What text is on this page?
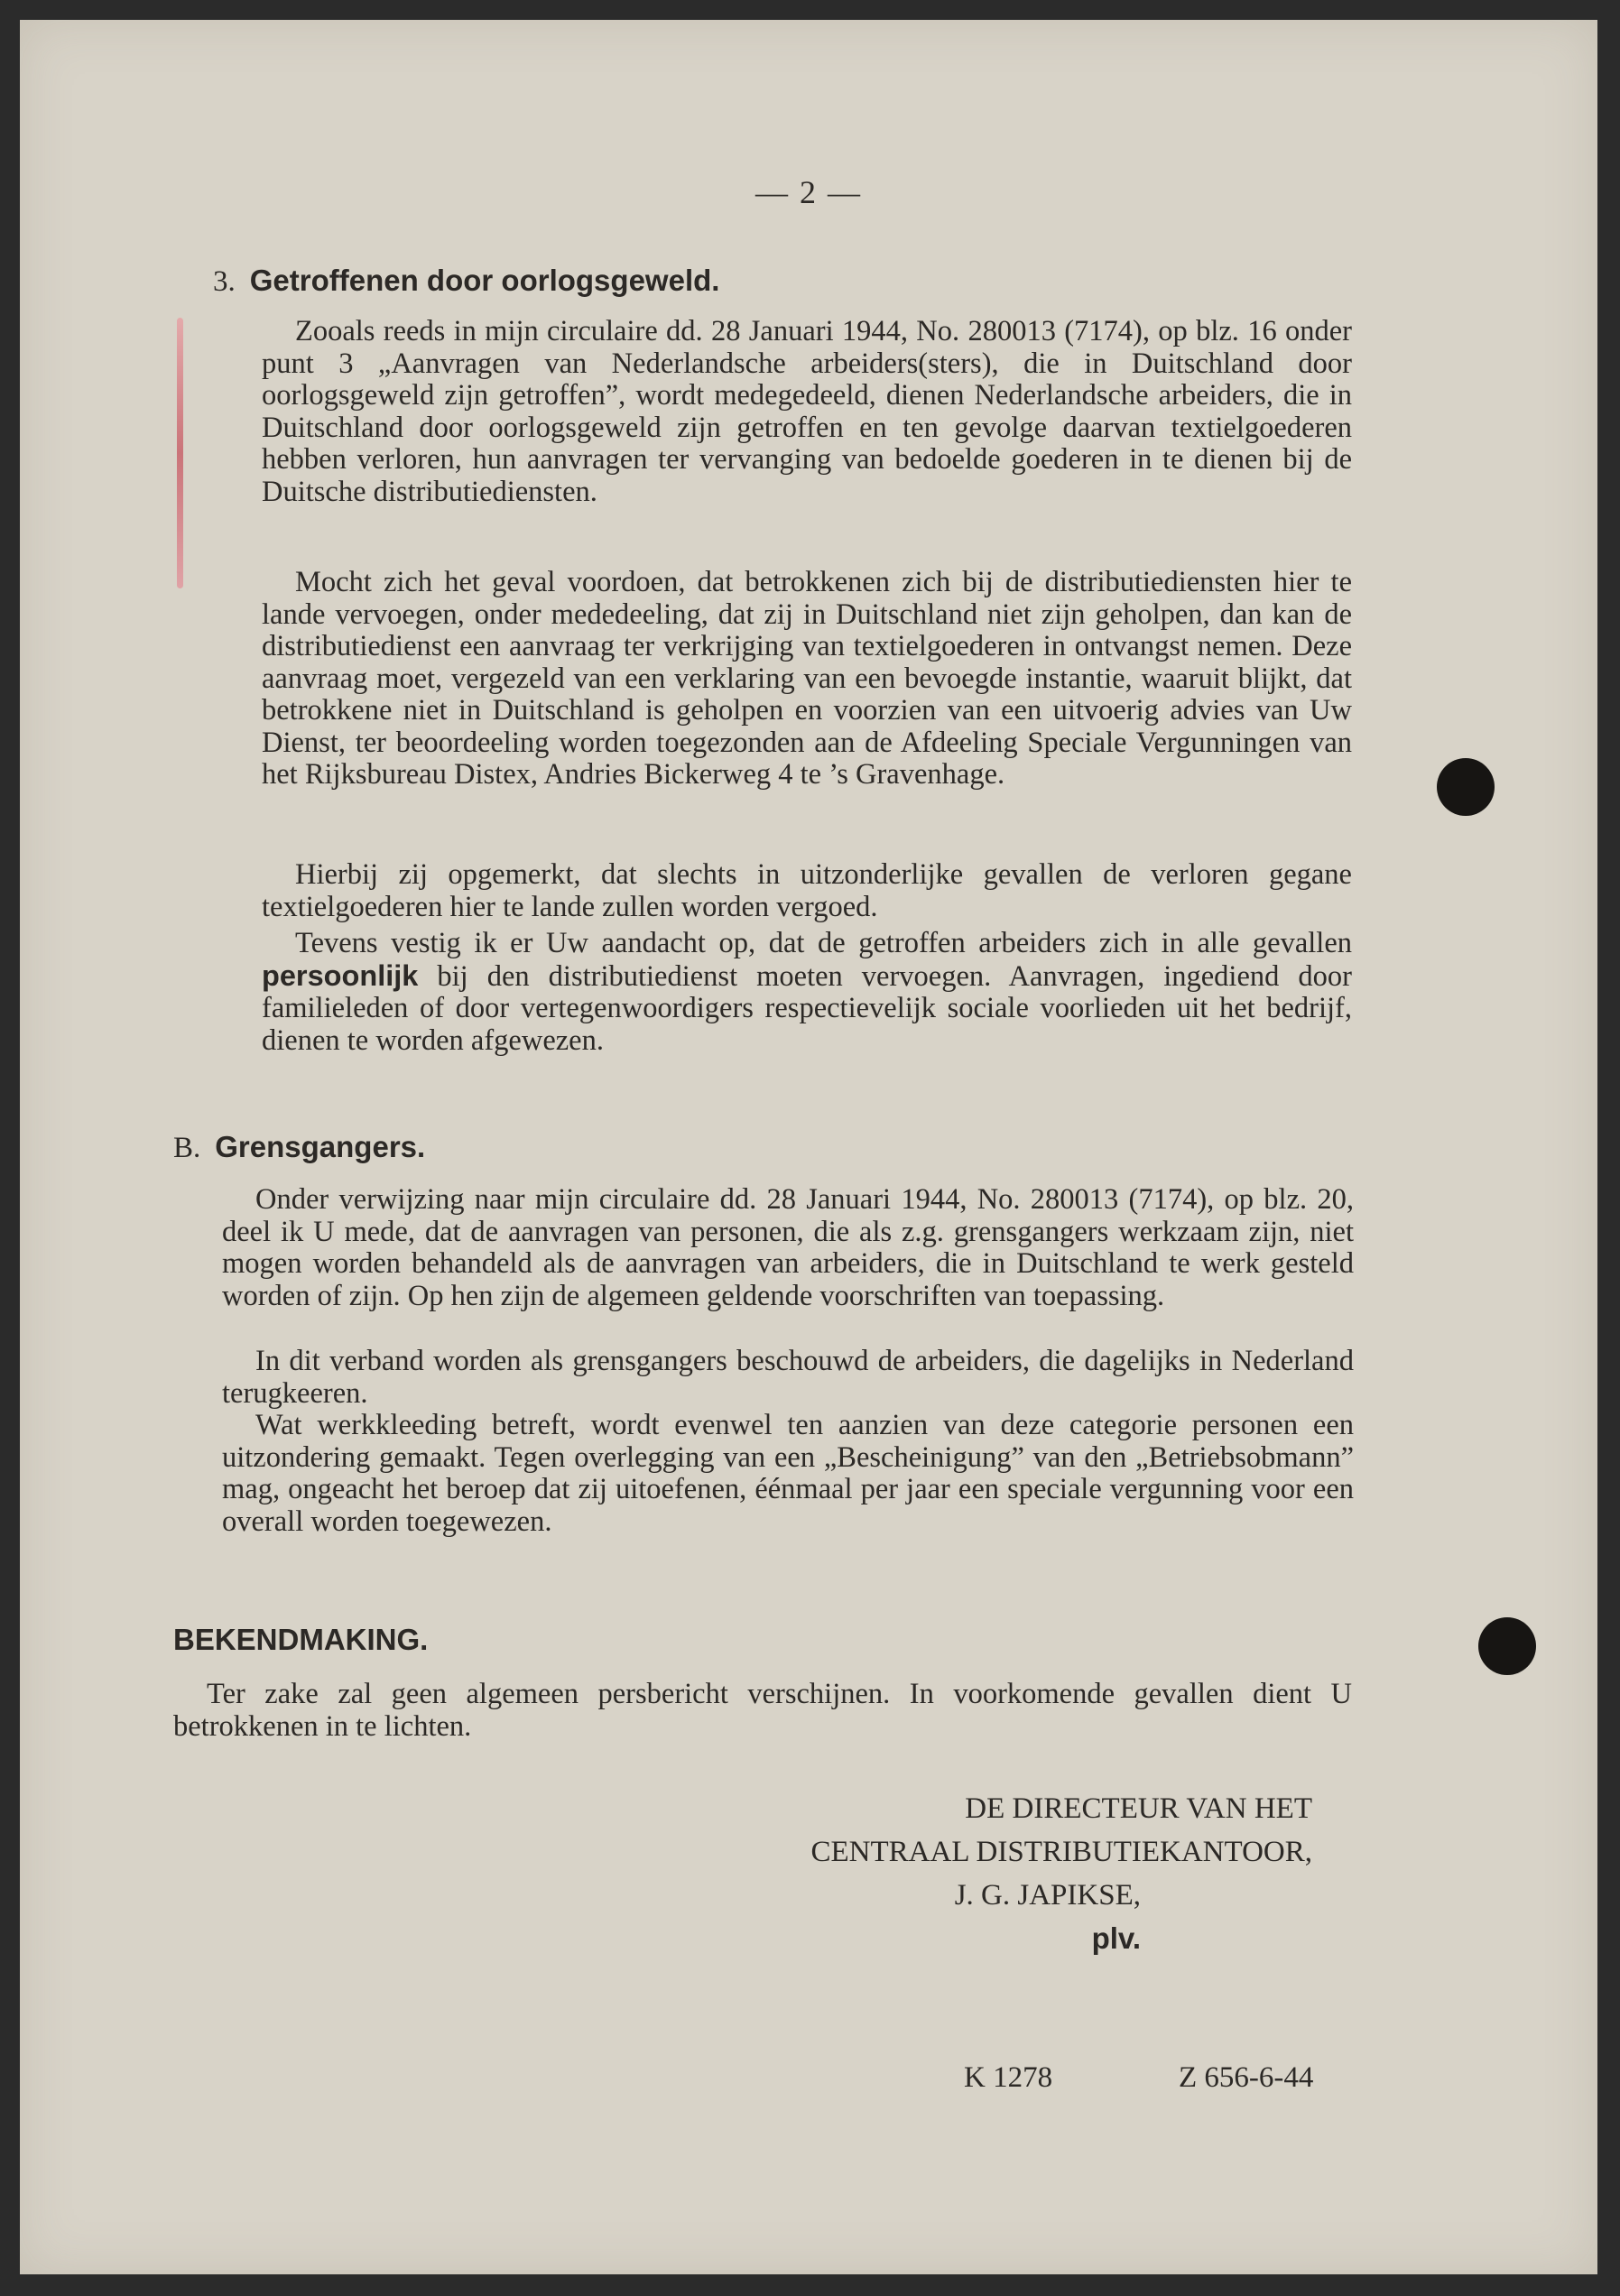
— 2 —
3. Getroffenen door oorlogsgeweld.

Zooals reeds in mijn circulaire dd. 28 Januari 1944, No. 280013 (7174), op blz. 16 onder punt 3 „Aanvragen van Nederlandsche arbeiders(sters), die in Duitschland door oorlogsgeweld zijn getroffen”, wordt medegedeeld, dienen Nederlandsche arbeiders, die in Duitschland door oorlogsgeweld zijn getroffen en ten gevolge daarvan textielgoederen hebben verloren, hun aanvragen ter vervanging van bedoelde goederen in te dienen bij de Duitsche distributiediensten.

Mocht zich het geval voordoen, dat betrokkenen zich bij de distributiediensten hier te lande vervoegen, onder mededeeling, dat zij in Duitschland niet zijn geholpen, dan kan de distributiedienst een aanvraag ter verkrijging van textielgoederen in ontvangst nemen. Deze aanvraag moet, vergezeld van een verklaring van een bevoegde instantie, waaruit blijkt, dat betrokkene niet in Duitschland is geholpen en voorzien van een uitvoerig advies van Uw Dienst, ter beoordeeling worden toegezonden aan de Afdeeling Speciale Vergunningen van het Rijksbureau Distex, Andries Bickerweg 4 te ’s Gravenhage.

Hierbij zij opgemerkt, dat slechts in uitzonderlijke gevallen de verloren gegane textielgoederen hier te lande zullen worden vergoed.

Tevens vestig ik er Uw aandacht op, dat de getroffen arbeiders zich in alle gevallen persoonlijk bij den distributiedienst moeten vervoegen. Aanvragen, ingediend door familieleden of door vertegenwoordigers respectievelijk sociale voorlieden uit het bedrijf, dienen te worden afgewezen.

B. Grensgangers.

Onder verwijzing naar mijn circulaire dd. 28 Januari 1944, No. 280013 (7174), op blz. 20, deel ik U mede, dat de aanvragen van personen, die als z.g. grensgangers werkzaam zijn, niet mogen worden behandeld als de aanvragen van arbeiders, die in Duitschland te werk gesteld worden of zijn. Op hen zijn de algemeen geldende voorschriften van toepassing.

In dit verband worden als grensgangers beschouwd de arbeiders, die dagelijks in Nederland terugkeeren.

Wat werkkleeding betreft, wordt evenwel ten aanzien van deze categorie personen een uitzondering gemaakt. Tegen overlegging van een „Bescheinigung” van den „Betriebsobmann” mag, ongeacht het beroep dat zij uitoefenen, éénmaal per jaar een speciale vergunning voor een overall worden toegewezen.

BEKENDMAKING.

Ter zake zal geen algemeen persbericht verschijnen. In voorkomende gevallen dient U betrokkenen in te lichten.

DE DIRECTEUR VAN HET
CENTRAAL DISTRIBUTIEKANTOOR,
J. G. JAPIKSE,
plv.
K 1278	Z 656-6-44
